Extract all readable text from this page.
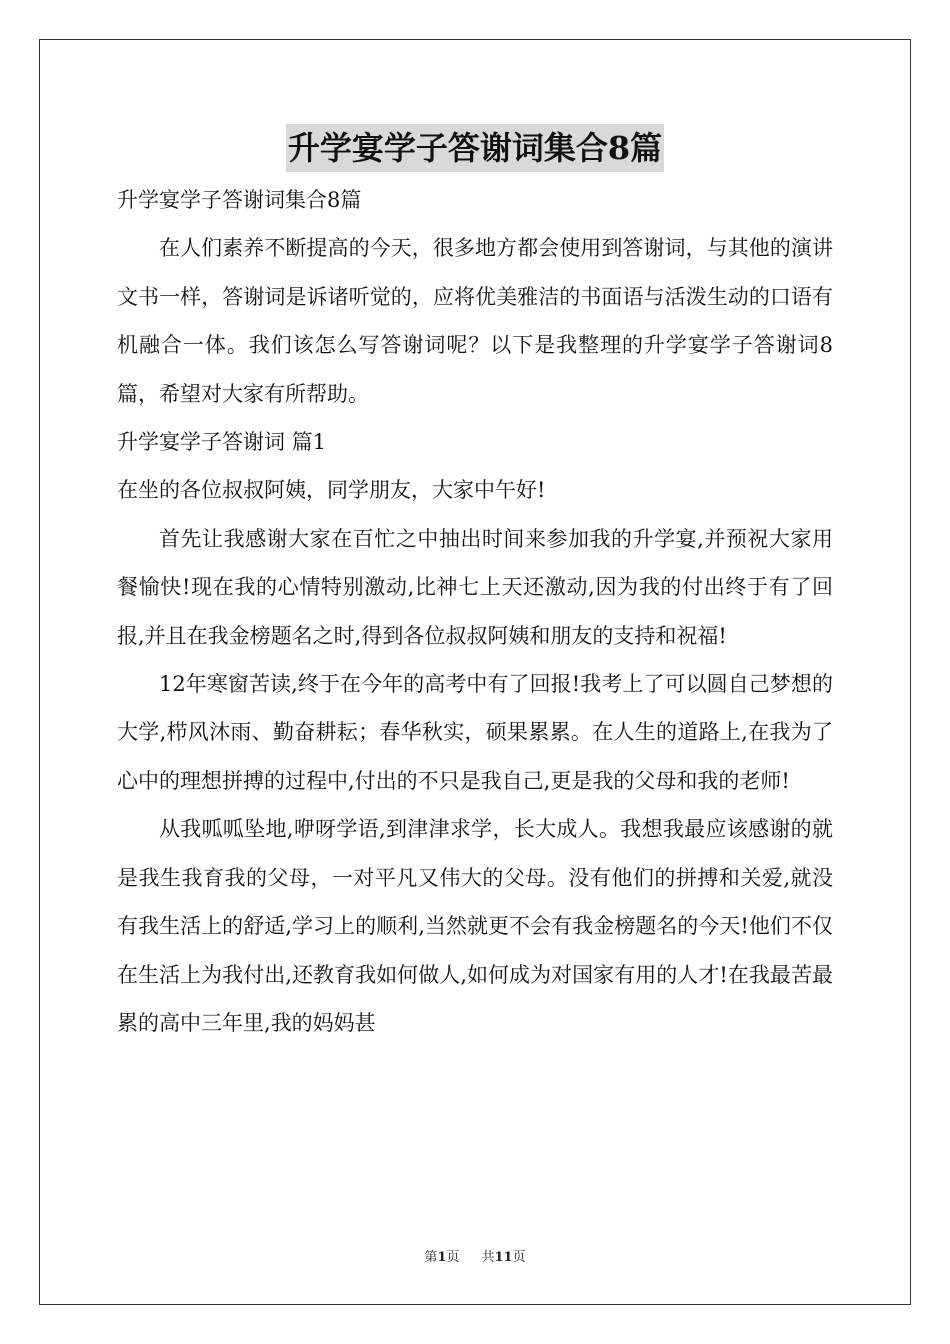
升学宴学子答谢词集合8篇

升学宴学子答谢词集合8篇

在人们素养不断提高的今天，很多地方都会使用到答谢词，与其他的演讲文书一样，答谢词是诉诸听觉的，应将优美雅洁的书面语与活泼生动的口语有机融合一体。我们该怎么写答谢词呢？以下是我整理的升学宴学子答谢词8篇，希望对大家有所帮助。

升学宴学子答谢词 篇1

在坐的各位叔叔阿姨，同学朋友，大家中午好!

首先让我感谢大家在百忙之中抽出时间来参加我的升学宴,并预祝大家用餐愉快!现在我的心情特别激动,比神七上天还激动,因为我的付出终于有了回报,并且在我金榜题名之时,得到各位叔叔阿姨和朋友的支持和祝福!

12年寒窗苦读,终于在今年的高考中有了回报!我考上了可以圆自己梦想的大学,栉风沐雨、勤奋耕耘；春华秋实，硕果累累。在人生的道路上,在我为了心中的理想拼搏的过程中,付出的不只是我自己,更是我的父母和我的老师!

从我呱呱坠地,咿呀学语,到津津求学，长大成人。我想我最应该感谢的就是我生我育我的父母，一对平凡又伟大的父母。没有他们的拼搏和关爱,就没有我生活上的舒适,学习上的顺利,当然就更不会有我金榜题名的今天!他们不仅在生活上为我付出,还教育我如何做人,如何成为对国家有用的人才!在我最苦最累的高中三年里,我的妈妈甚

第1页 共11页
